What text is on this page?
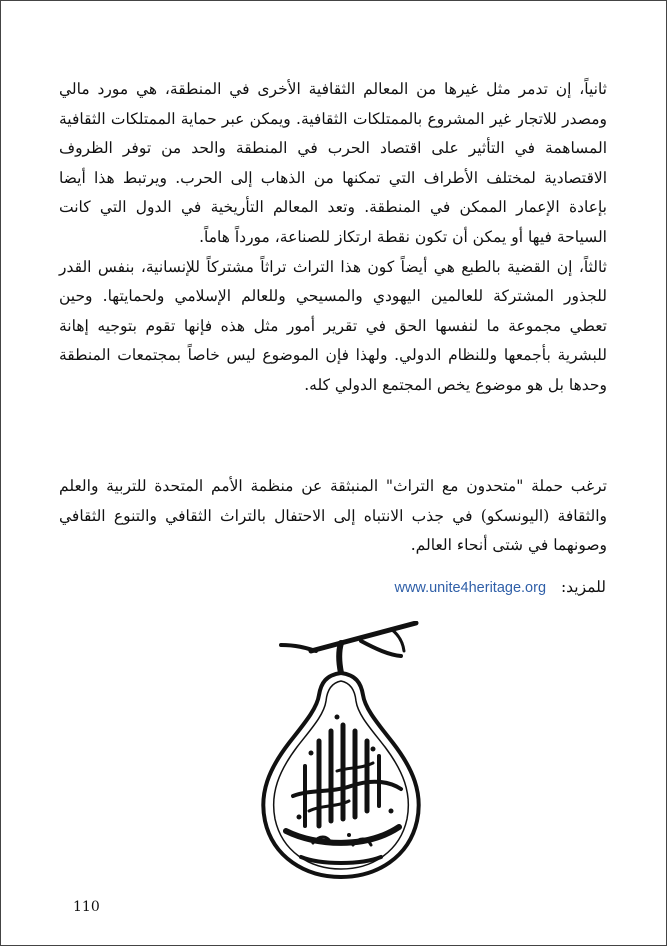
ثانياً، إن تدمر مثل غيرها من المعالم الثقافية الأخرى في المنطقة، هي مورد مالي ومصدر للاتجار غير المشروع بالممتلكات الثقافية. ويمكن عبر حماية الممتلكات الثقافية المساهمة في التأثير على اقتصاد الحرب في المنطقة والحد من توفر الظروف الاقتصادية لمختلف الأطراف التي تمكنها من الذهاب إلى الحرب. ويرتبط هذا أيضا بإعادة الإعمار الممكن في المنطقة. وتعد المعالم التأريخية في الدول التي كانت السياحة فيها أو يمكن أن تكون نقطة ارتكاز للصناعة، مورداً هاماً.

ثالثاً، إن القضية بالطبع هي أيضاً كون هذا التراث تراثاً مشتركاً للإنسانية، بنفس القدر للجذور المشتركة للعالمين اليهودي والمسيحي وللعالم الإسلامي ولحمايتها. وحين تعطي مجموعة ما لنفسها الحق في تقرير أمور مثل هذه فإنها تقوم بتوجيه إهانة للبشرية بأجمعها وللنظام الدولي. ولهذا فإن الموضوع ليس خاصاً بمجتمعات المنطقة وحدها بل هو موضوع يخص المجتمع الدولي كله.

ترغب حملة "متحدون مع التراث" المنبثقة عن منظمة الأمم المتحدة للتربية والعلم والثقافة (اليونسكو) في جذب الانتباه إلى الاحتفال بالتراث الثقافي والتنوع الثقافي وصونهما في شتى أنحاء العالم.

للمزيد: www.unite4heritage.org
110
